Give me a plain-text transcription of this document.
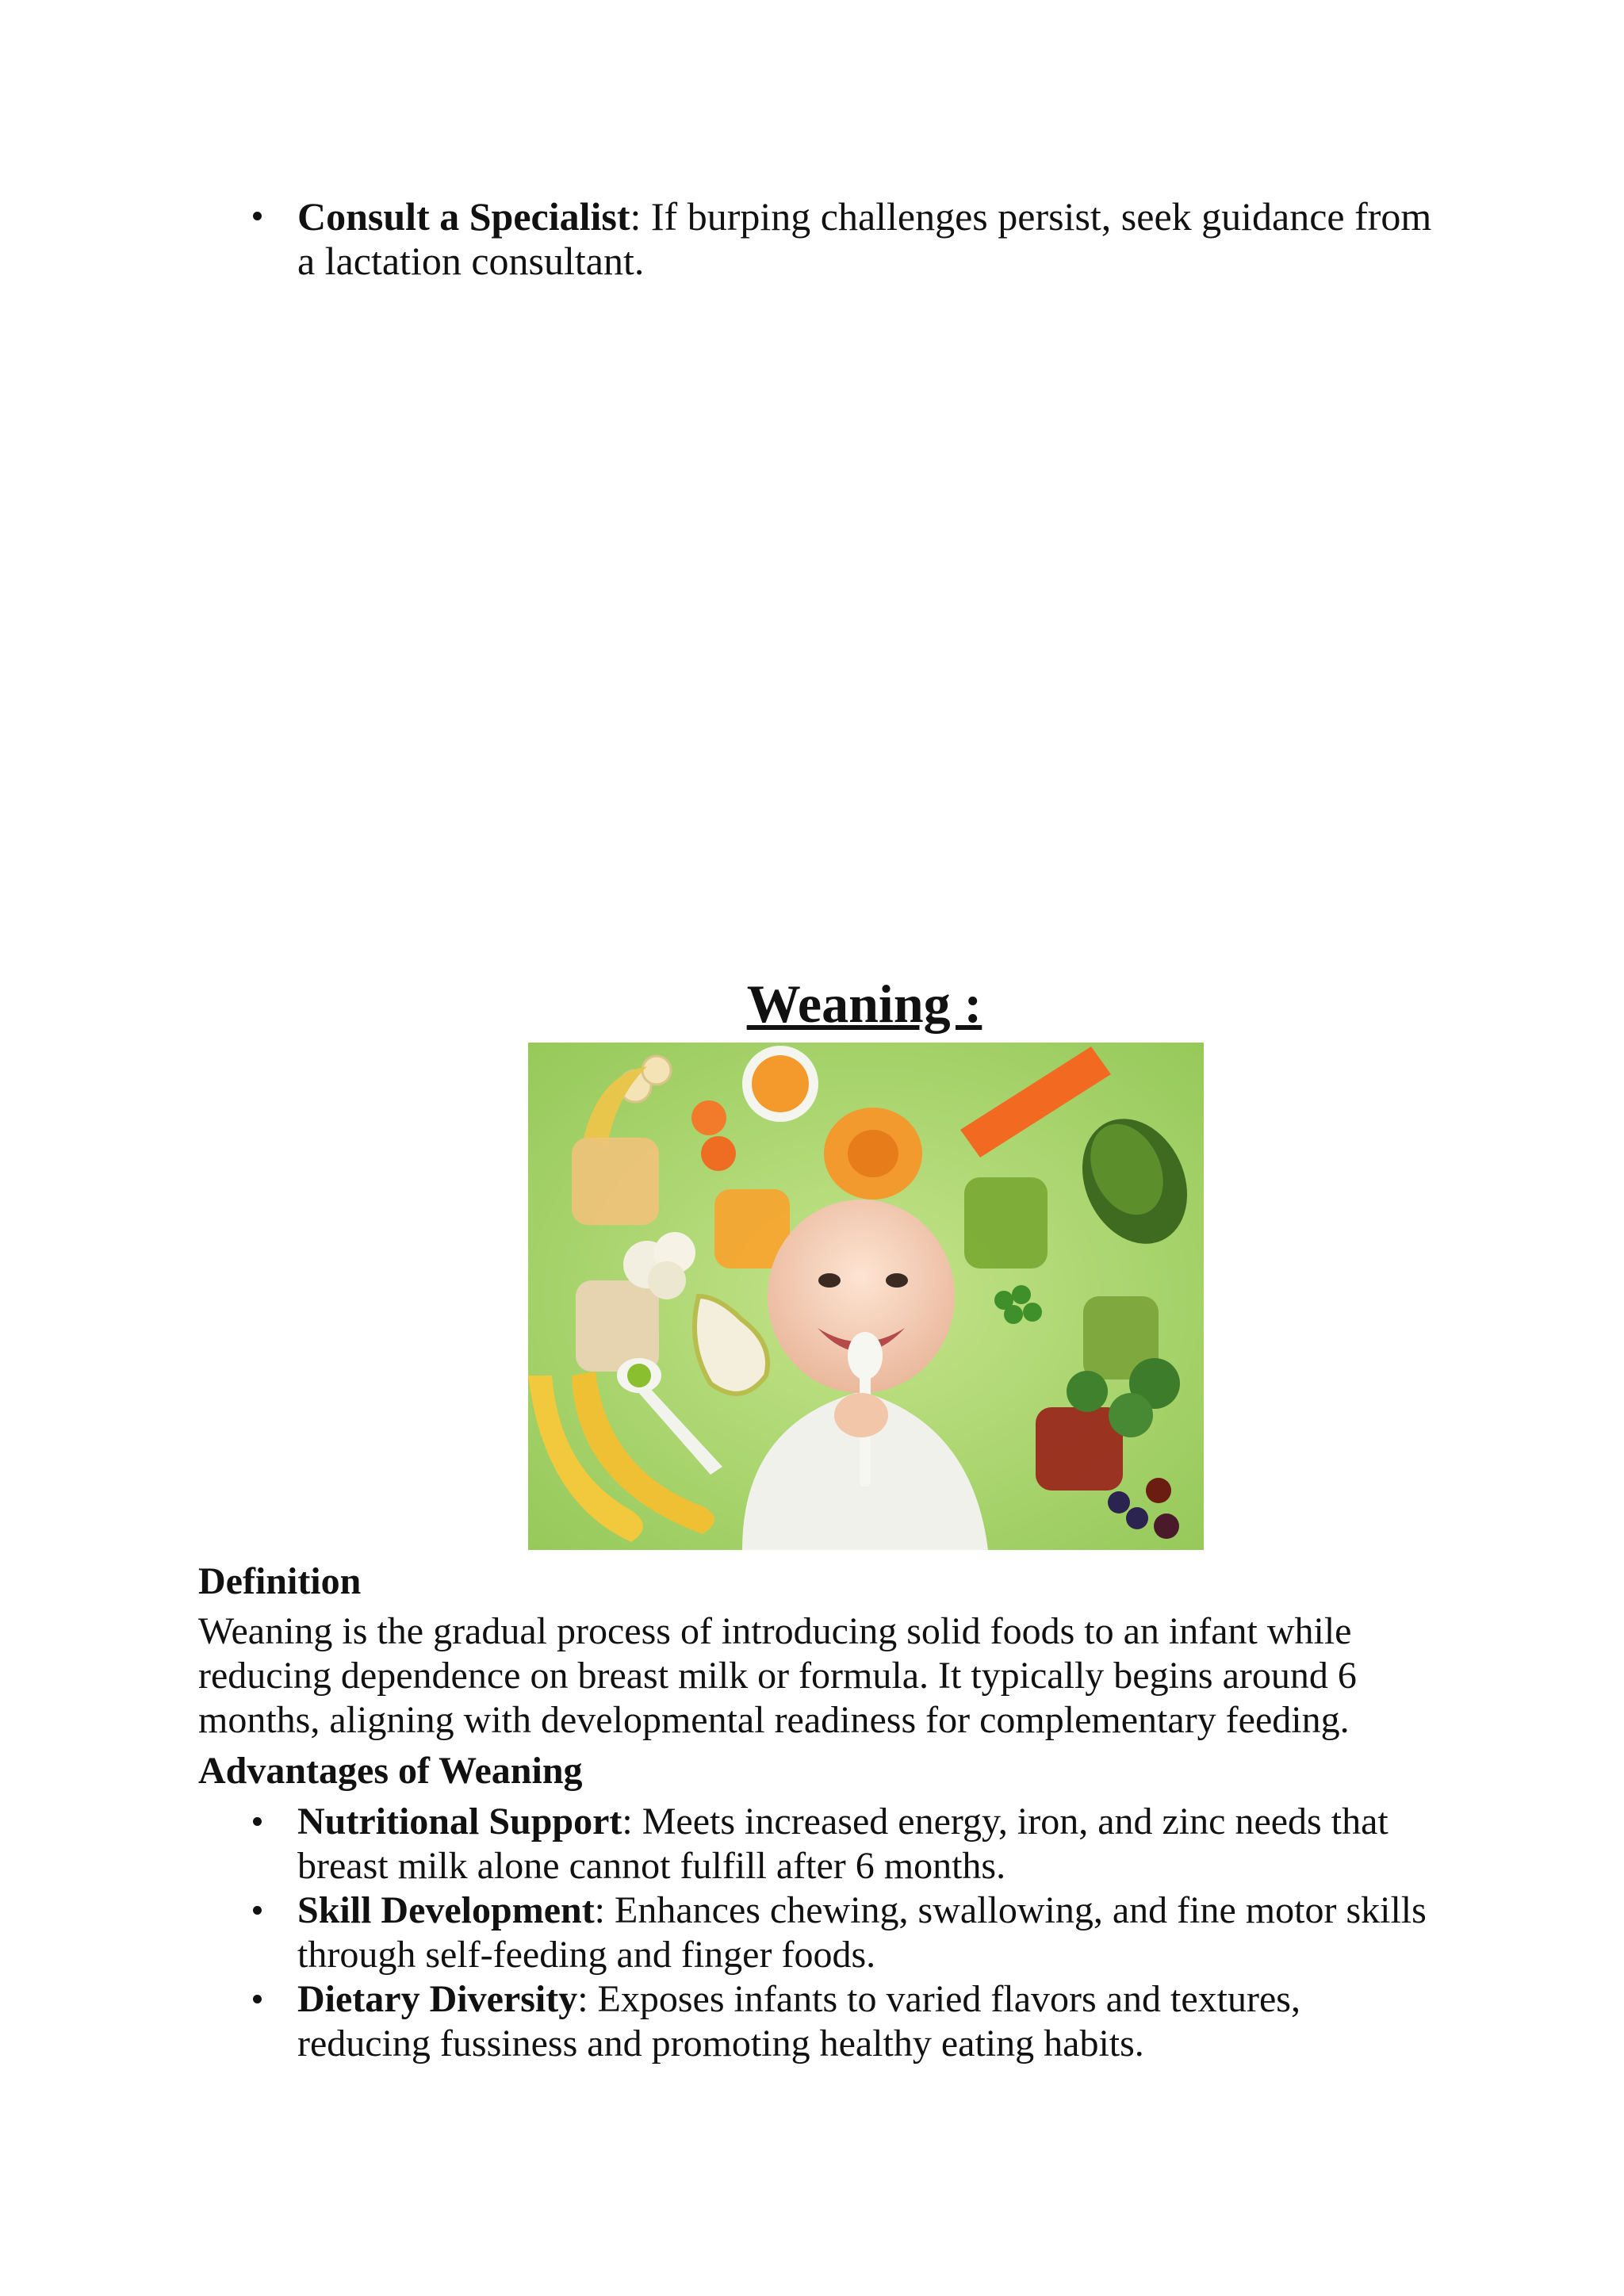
Consult a Specialist: If burping challenges persist, seek guidance from a lactation consultant.
Weaning :
Definition
Weaning is the gradual process of introducing solid foods to an infant while reducing dependence on breast milk or formula. It typically begins around 6 months, aligning with developmental readiness for complementary feeding.
Advantages of Weaning
Nutritional Support: Meets increased energy, iron, and zinc needs that breast milk alone cannot fulfill after 6 months.
Skill Development: Enhances chewing, swallowing, and fine motor skills through self-feeding and finger foods.
Dietary Diversity: Exposes infants to varied flavors and textures, reducing fussiness and promoting healthy eating habits.
